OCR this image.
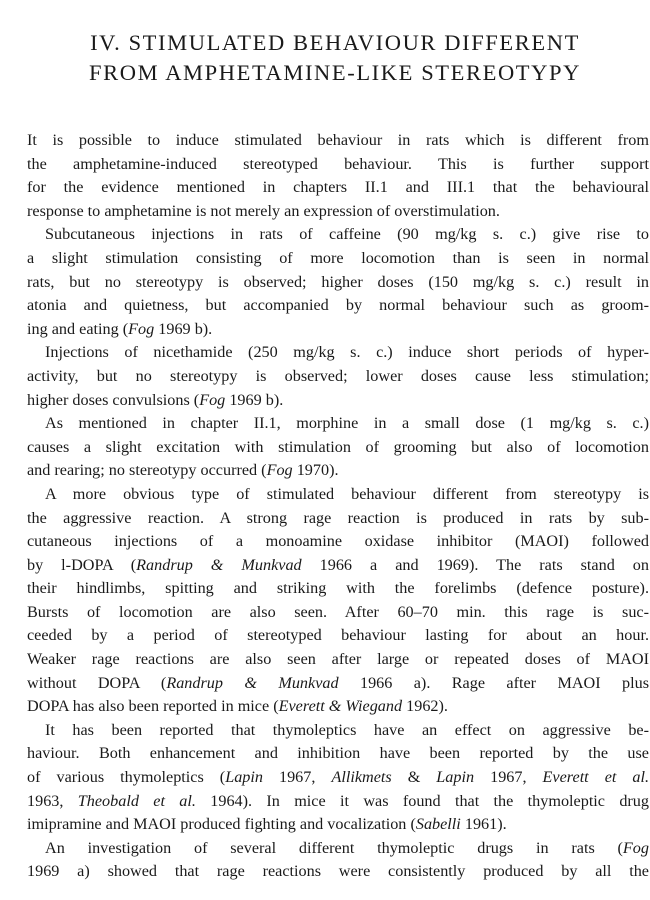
IV. STIMULATED BEHAVIOUR DIFFERENT
FROM AMPHETAMINE-LIKE STEREOTYPY
It is possible to induce stimulated behaviour in rats which is different from
the amphetamine-induced stereotyped behaviour. This is further support
for the evidence mentioned in chapters II.1 and III.1 that the behavioural
response to amphetamine is not merely an expression of overstimulation.
Subcutaneous injections in rats of caffeine (90 mg/kg s. c.) give rise to
a slight stimulation consisting of more locomotion than is seen in normal
rats, but no stereotypy is observed; higher doses (150 mg/kg s. c.) result in
atonia and quietness, but accompanied by normal behaviour such as groom-
ing and eating (Fog 1969 b).
Injections of nicethamide (250 mg/kg s. c.) induce short periods of hyper-
activity, but no stereotypy is observed; lower doses cause less stimulation;
higher doses convulsions (Fog 1969 b).
As mentioned in chapter II.1, morphine in a small dose (1 mg/kg s. c.)
causes a slight excitation with stimulation of grooming but also of locomotion
and rearing; no stereotypy occurred (Fog 1970).
A more obvious type of stimulated behaviour different from stereotypy is
the aggressive reaction. A strong rage reaction is produced in rats by sub-
cutaneous injections of a monoamine oxidase inhibitor (MAOI) followed
by l-DOPA (Randrup & Munkvad 1966 a and 1969). The rats stand on
their hindlimbs, spitting and striking with the forelimbs (defence posture).
Bursts of locomotion are also seen. After 60–70 min. this rage is suc-
ceeded by a period of stereotyped behaviour lasting for about an hour.
Weaker rage reactions are also seen after large or repeated doses of MAOI
without DOPA (Randrup & Munkvad 1966 a). Rage after MAOI plus
DOPA has also been reported in mice (Everett & Wiegand 1962).
It has been reported that thymoleptics have an effect on aggressive be-
haviour. Both enhancement and inhibition have been reported by the use
of various thymoleptics (Lapin 1967, Allikmets & Lapin 1967, Everett et al.
1963, Theobald et al. 1964). In mice it was found that the thymoleptic drug
imipramine and MAOI produced fighting and vocalization (Sabelli 1961).
An investigation of several different thymoleptic drugs in rats (Fog
1969 a) showed that rage reactions were consistently produced by all the
